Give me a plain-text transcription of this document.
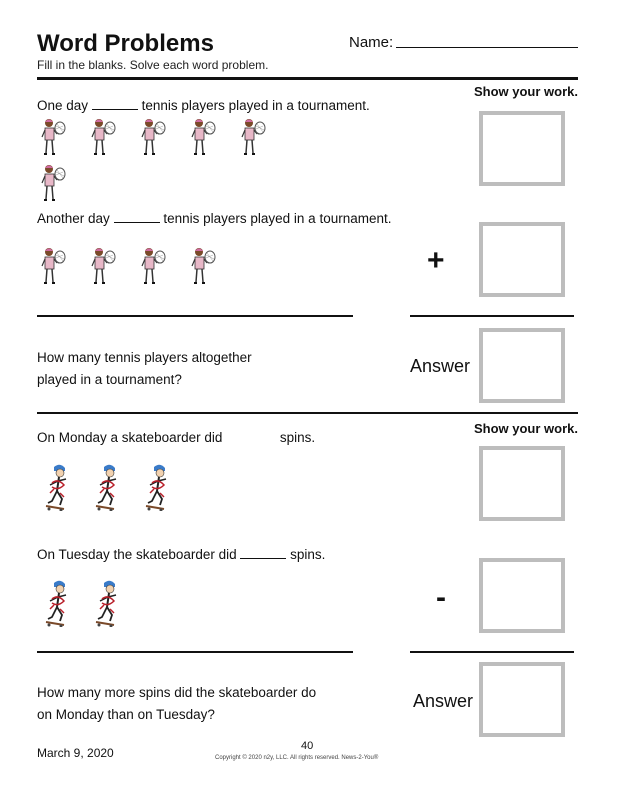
Word Problems
Fill in the blanks. Solve each word problem.
Name:
Show your work.
One day	tennis players played in a tournament.
Another day	tennis players played in a tournament.
+
How many tennis players altogether
played in a tournament?
Answer
Show your work.
On Monday a skateboarder did	spins.
On Tuesday the skateboarder did	spins.
-
How many more spins did the skateboarder do
on Monday than on Tuesday?
Answer
March 9, 2020	40
Copyright © 2020 n2y, LLC. All rights reserved. News-2-You®
